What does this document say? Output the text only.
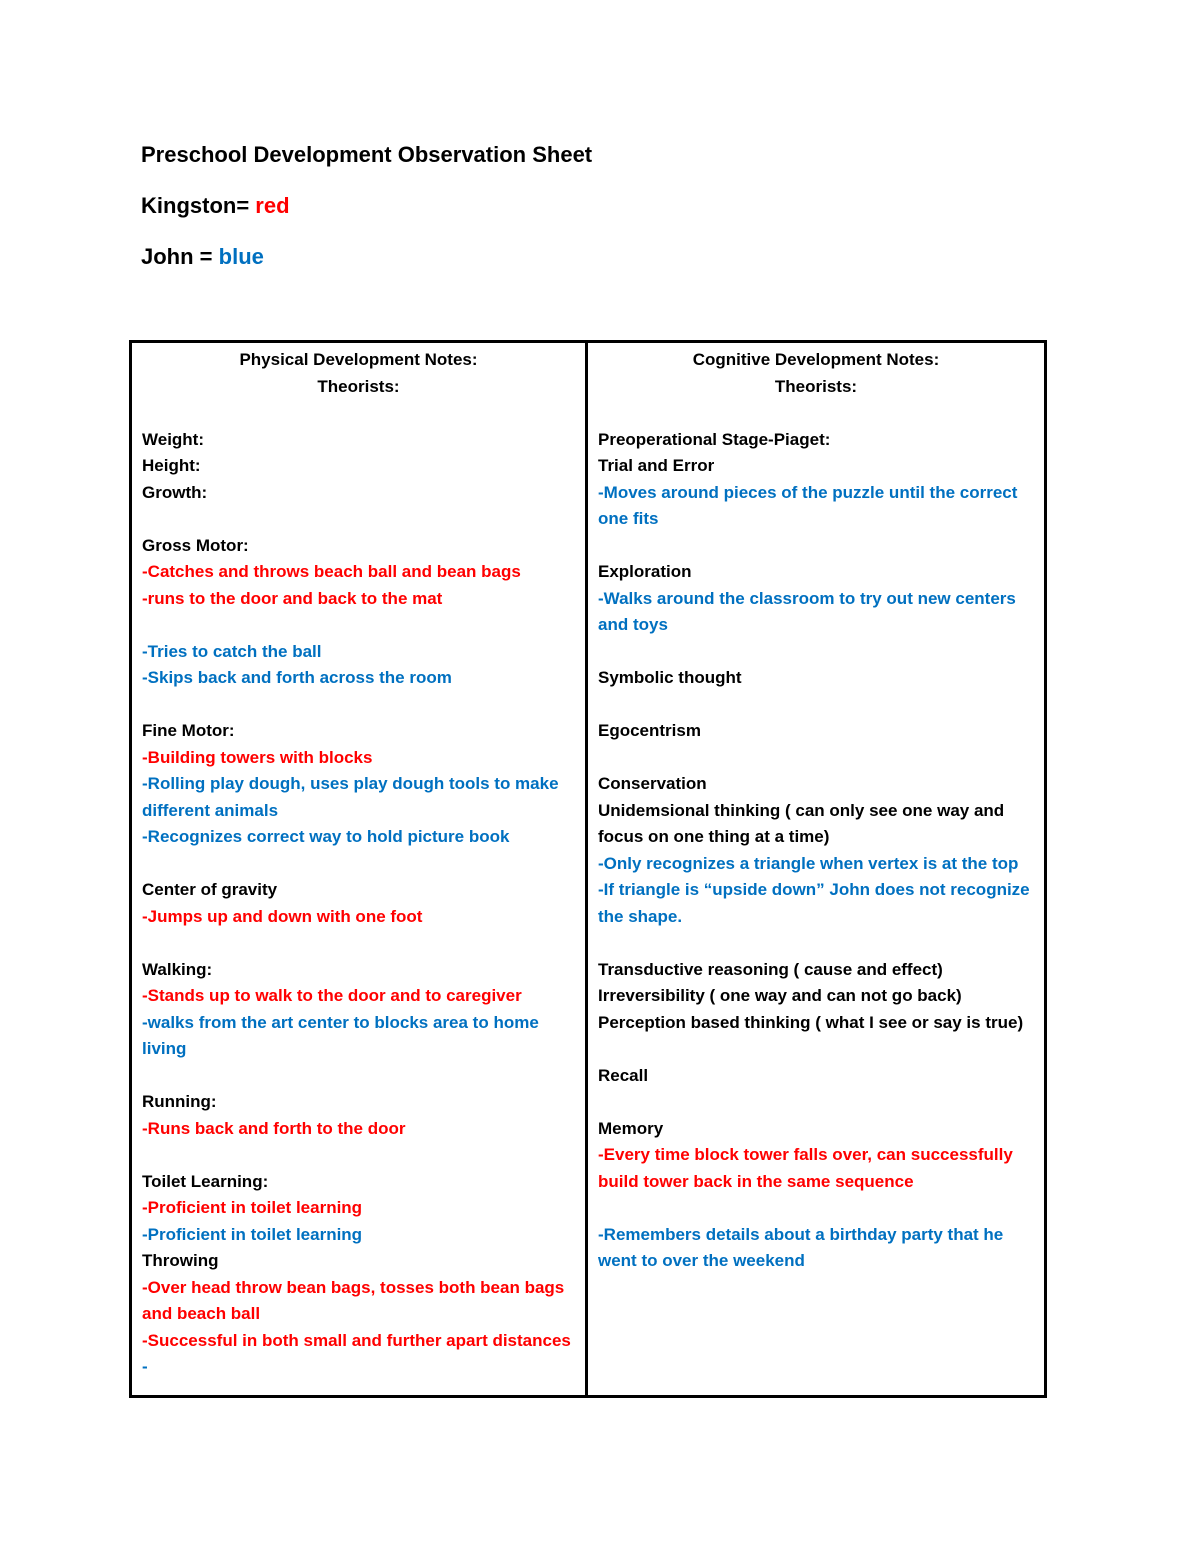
Preschool Development Observation Sheet
Kingston= red
John = blue
Physical Development Notes:
Theorists:
Weight:
Height:
Growth:
Gross Motor:
-Catches and throws beach ball and bean bags
-runs to the door and back to the mat
-Tries to catch the ball
-Skips back and forth across the room
Fine Motor:
-Building towers with blocks
-Rolling play dough, uses play dough tools to make different animals
-Recognizes correct way to hold picture book
Center of gravity
-Jumps up and down with one foot
Walking:
-Stands up to walk to the door and to caregiver
-walks from the art center to blocks area to home living
Running:
-Runs back and forth to the door
Toilet Learning:
-Proficient in toilet learning
-Proficient in toilet learning
Throwing
-Over head throw bean bags, tosses both bean bags and beach ball
-Successful in both small and further apart distances
-
Cognitive Development Notes:
Theorists:
Preoperational Stage-Piaget:
Trial and Error
-Moves around pieces of the puzzle until the correct one fits
Exploration
-Walks around the classroom to try out new centers and toys
Symbolic thought
Egocentrism
Conservation
Unidemsional thinking ( can only see one way and focus on one thing at a time)
-Only recognizes a triangle when vertex is at the top
-If triangle is “upside down” John does not recognize the shape.
Transductive reasoning ( cause and effect)
Irreversibility ( one way and can not go back)
Perception based thinking ( what I see or say is true)
Recall
Memory
-Every time block tower falls over, can successfully build tower back in the same sequence
-Remembers details about a birthday party that he went to over the weekend
